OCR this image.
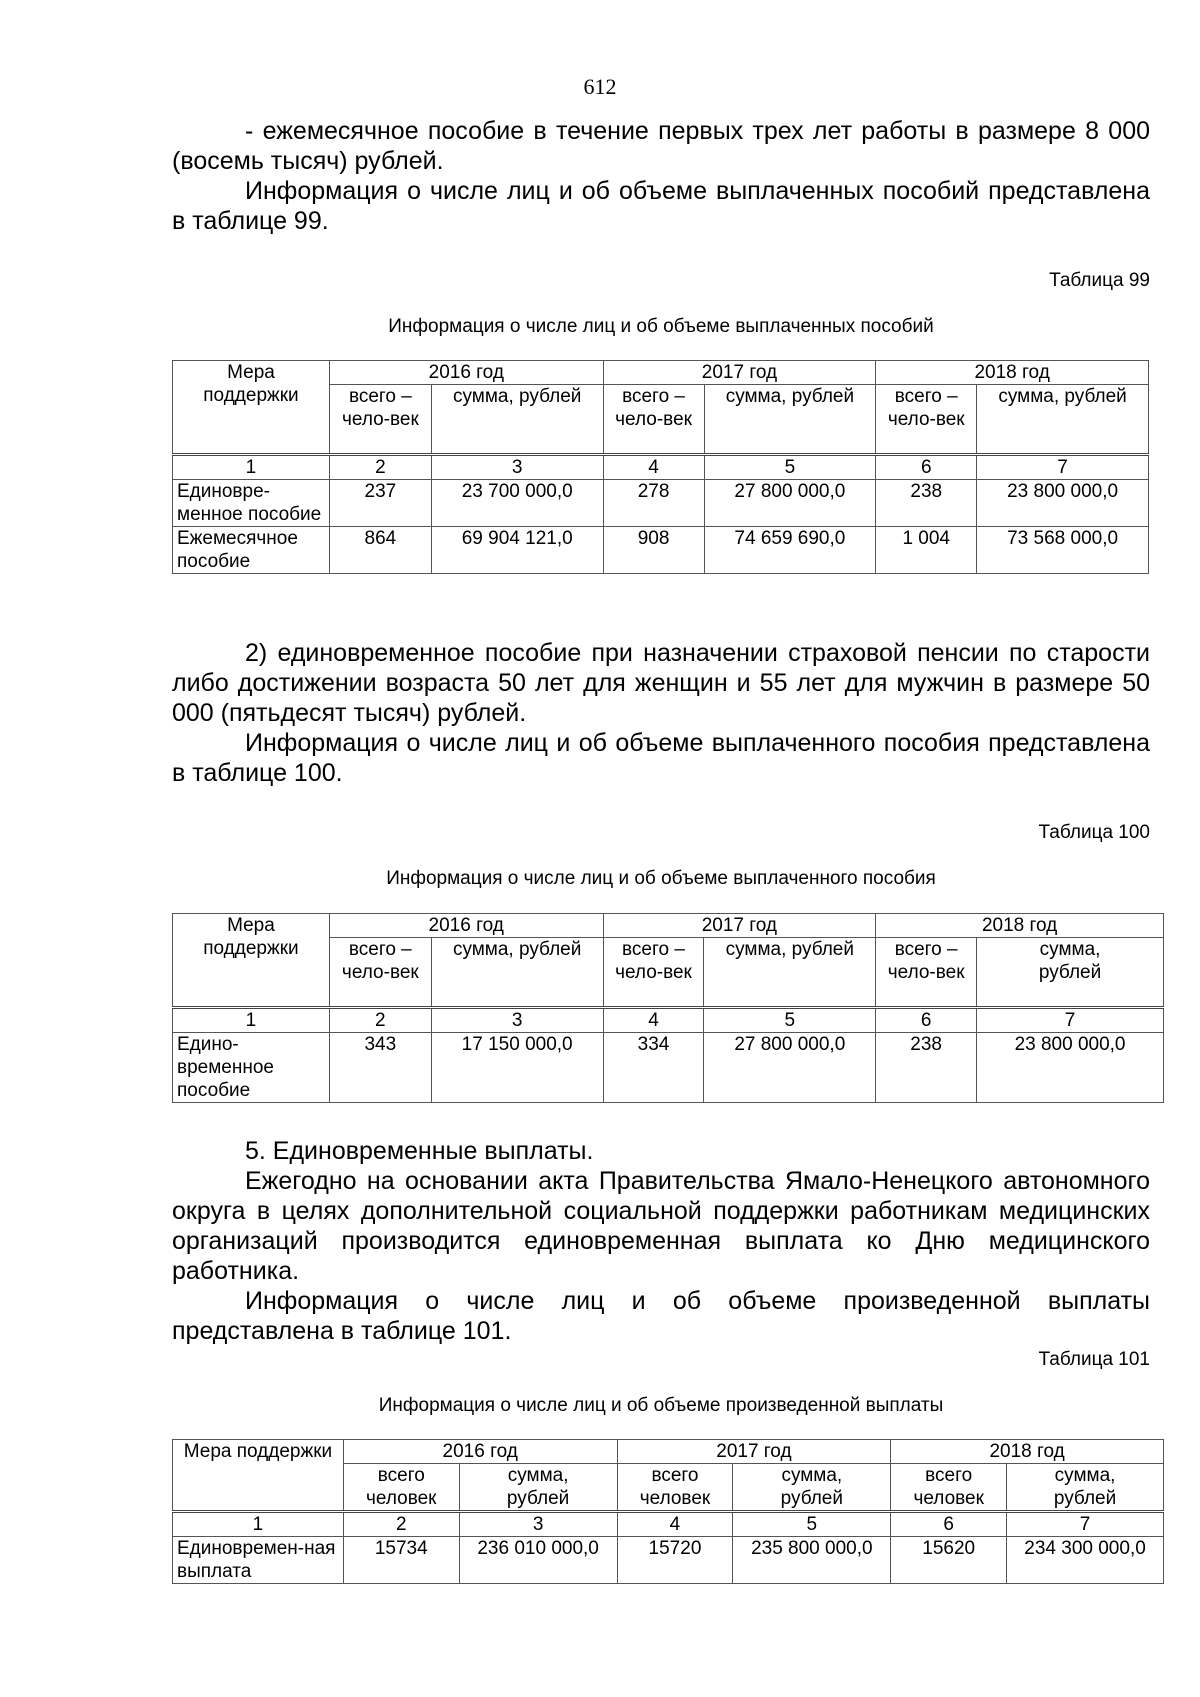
612

- ежемесячное пособие в течение первых трех лет работы в размере 8 000 (восемь тысяч) рублей.

Информация о числе лиц и об объеме выплаченных пособий представлена в таблице 99.

Таблица 99
Информация о числе лиц и об объеме выплаченных пособий
Мера поддержки	2016 год		2017 год		2018 год	
	всего – чело-век	сумма, рублей	всего – чело-век	сумма, рублей	всего – чело-век	сумма, рублей
1	2	3	4	5	6	7
Единовре-менное пособие	237	23 700 000,0	278	27 800 000,0	238	23 800 000,0
Ежемесячное пособие	864	69 904 121,0	908	74 659 690,0	1 004	73 568 000,0

2) единовременное пособие при назначении страховой пенсии по старости либо достижении возраста 50 лет для женщин и 55 лет для мужчин в размере 50 000 (пятьдесят тысяч) рублей.

Информация о числе лиц и об объеме выплаченного пособия представлена в таблице 100.

Таблица 100
Информация о числе лиц и об объеме выплаченного пособия
Мера поддержки	2016 год		2017 год		2018 год	
	всего – чело-век	сумма, рублей	всего – чело-век	сумма, рублей	всего – чело-век	сумма, рублей
1	2	3	4	5	6	7
Едино-временное пособие	343	17 150 000,0	334	27 800 000,0	238	23 800 000,0

5. Единовременные выплаты.

Ежегодно на основании акта Правительства Ямало-Ненецкого автономного округа в целях дополнительной социальной поддержки работникам медицинских организаций производится единовременная выплата ко Дню медицинского работника.

Информация о числе лиц и об объеме произведенной выплаты представлена в таблице 101.

Таблица 101
Информация о числе лиц и об объеме произведенной выплаты
Мера поддержки	2016 год		2017 год		2018 год	
	всего человек	сумма, рублей	всего человек	сумма, рублей	всего человек	сумма, рублей
1	2	3	4	5	6	7
Единовремен-ная выплата	15734	236 010 000,0	15720	235 800 000,0	15620	234 300 000,0
